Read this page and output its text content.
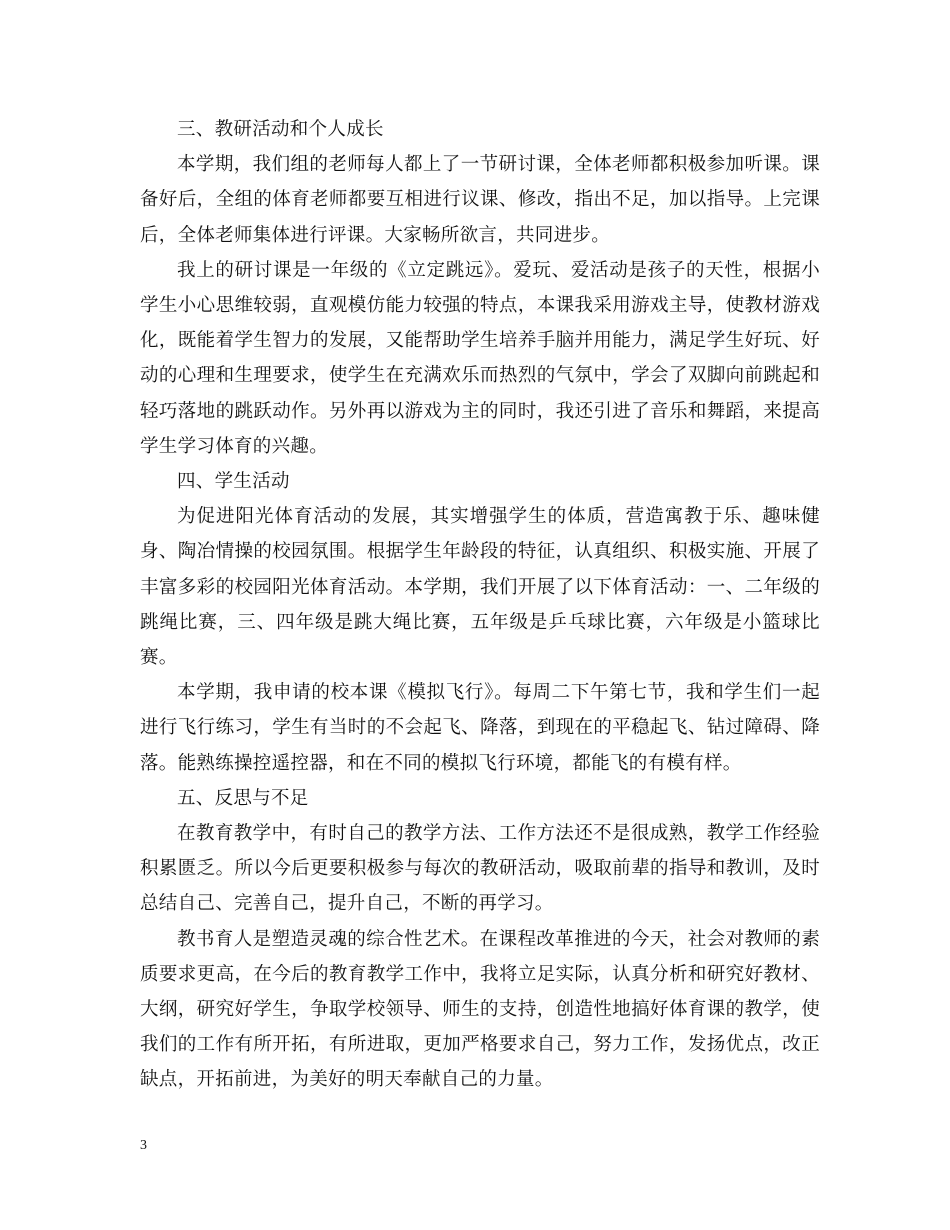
三、教研活动和个人成长

本学期，我们组的老师每人都上了一节研讨课，全体老师都积极参加听课。课备好后，全组的体育老师都要互相进行议课、修改，指出不足，加以指导。上完课后，全体老师集体进行评课。大家畅所欲言，共同进步。

我上的研讨课是一年级的《立定跳远》。爱玩、爱活动是孩子的天性，根据小学生小心思维较弱，直观模仿能力较强的特点，本课我采用游戏主导，使教材游戏化，既能着学生智力的发展，又能帮助学生培养手脑并用能力，满足学生好玩、好动的心理和生理要求，使学生在充满欢乐而热烈的气氛中，学会了双脚向前跳起和轻巧落地的跳跃动作。另外再以游戏为主的同时，我还引进了音乐和舞蹈，来提高学生学习体育的兴趣。

四、学生活动

为促进阳光体育活动的发展，其实增强学生的体质，营造寓教于乐、趣味健身、陶冶情操的校园氛围。根据学生年龄段的特征，认真组织、积极实施、开展了丰富多彩的校园阳光体育活动。本学期，我们开展了以下体育活动：一、二年级的跳绳比赛，三、四年级是跳大绳比赛，五年级是乒乓球比赛，六年级是小篮球比赛。

本学期，我申请的校本课《模拟飞行》。每周二下午第七节，我和学生们一起进行飞行练习，学生有当时的不会起飞、降落，到现在的平稳起飞、钻过障碍、降落。能熟练操控遥控器，和在不同的模拟飞行环境，都能飞的有模有样。

五、反思与不足

在教育教学中，有时自己的教学方法、工作方法还不是很成熟，教学工作经验积累匮乏。所以今后更要积极参与每次的教研活动，吸取前辈的指导和教训，及时总结自己、完善自己，提升自己，不断的再学习。

教书育人是塑造灵魂的综合性艺术。在课程改革推进的今天，社会对教师的素质要求更高，在今后的教育教学工作中，我将立足实际，认真分析和研究好教材、大纲，研究好学生，争取学校领导、师生的支持，创造性地搞好体育课的教学，使我们的工作有所开拓，有所进取，更加严格要求自己，努力工作，发扬优点，改正缺点，开拓前进，为美好的明天奉献自己的力量。

3
